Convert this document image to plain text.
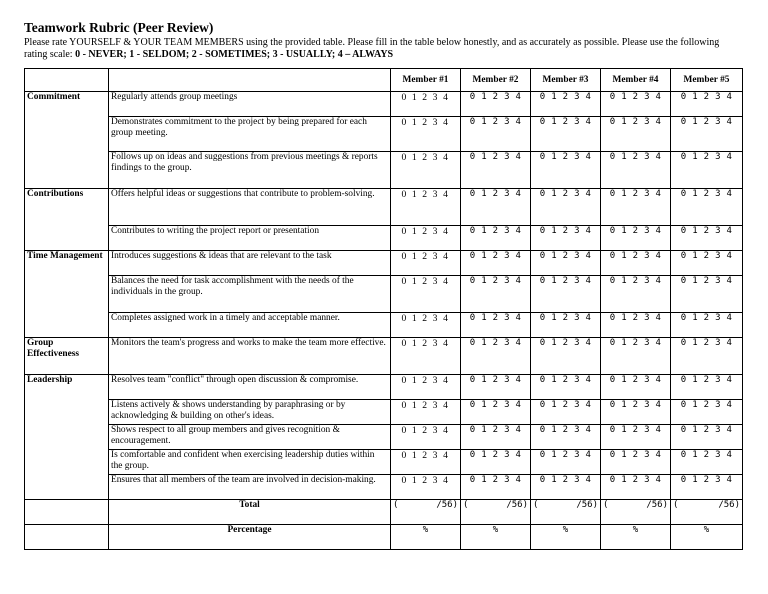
Teamwork Rubric (Peer Review)

Please rate YOURSELF & YOUR TEAM MEMBERS using the provided table. Please fill in the table below honestly, and as accurately as possible. Please use the following rating scale: 0 - NEVER; 1 - SELDOM; 2 - SOMETIMES; 3 - USUALLY; 4 – ALWAYS

		Member #1	Member #2	Member #3	Member #4	Member #5
Commitment	Regularly attends group meetings	0 1 2 3 4	0 1 2 3 4	0 1 2 3 4	0 1 2 3 4	0 1 2 3 4
	Demonstrates commitment to the project by being prepared for each group meeting.	0 1 2 3 4	0 1 2 3 4	0 1 2 3 4	0 1 2 3 4	0 1 2 3 4
	Follows up on ideas and suggestions from previous meetings & reports findings to the group.	0 1 2 3 4	0 1 2 3 4	0 1 2 3 4	0 1 2 3 4	0 1 2 3 4
Contributions	Offers helpful ideas or suggestions that contribute to problem-solving.	0 1 2 3 4	0 1 2 3 4	0 1 2 3 4	0 1 2 3 4	0 1 2 3 4
	Contributes to writing the project report or presentation	0 1 2 3 4	0 1 2 3 4	0 1 2 3 4	0 1 2 3 4	0 1 2 3 4
Time Management	Introduces suggestions & ideas that are relevant to the task	0 1 2 3 4	0 1 2 3 4	0 1 2 3 4	0 1 2 3 4	0 1 2 3 4
	Balances the need for task accomplishment with the needs of the individuals in the group.	0 1 2 3 4	0 1 2 3 4	0 1 2 3 4	0 1 2 3 4	0 1 2 3 4
	Completes assigned work in a timely and acceptable manner.	0 1 2 3 4	0 1 2 3 4	0 1 2 3 4	0 1 2 3 4	0 1 2 3 4
Group Effectiveness	Monitors the team's progress and works to make the team more effective.	0 1 2 3 4	0 1 2 3 4	0 1 2 3 4	0 1 2 3 4	0 1 2 3 4
Leadership	Resolves team "conflict" through open discussion & compromise.	0 1 2 3 4	0 1 2 3 4	0 1 2 3 4	0 1 2 3 4	0 1 2 3 4
	Listens actively & shows understanding by paraphrasing or by acknowledging & building on other's ideas.	0 1 2 3 4	0 1 2 3 4	0 1 2 3 4	0 1 2 3 4	0 1 2 3 4
	Shows respect to all group members and gives recognition & encouragement.	0 1 2 3 4	0 1 2 3 4	0 1 2 3 4	0 1 2 3 4	0 1 2 3 4
	Is comfortable and confident when exercising leadership duties within the group.	0 1 2 3 4	0 1 2 3 4	0 1 2 3 4	0 1 2 3 4	0 1 2 3 4
	Ensures that all members of the team are involved in decision-making.	0 1 2 3 4	0 1 2 3 4	0 1 2 3 4	0 1 2 3 4	0 1 2 3 4
	Total	( /56)	( /56)	( /56)	( /56)	( /56)

	Percentage	%	%	%	%	%
